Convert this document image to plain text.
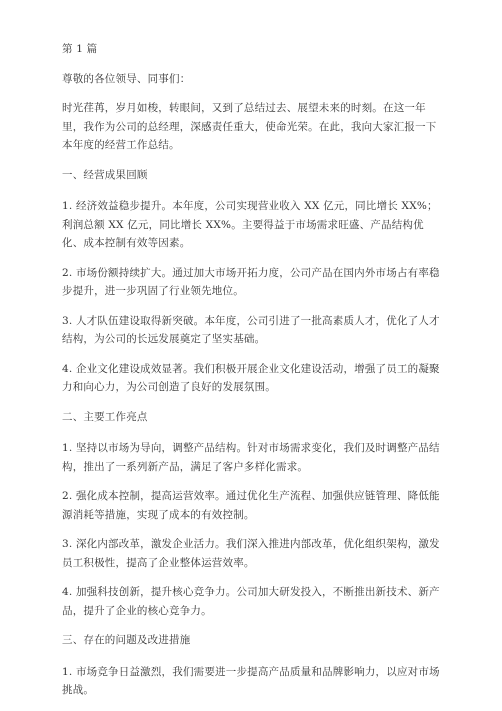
第 1 篇

尊敬的各位领导、同事们：

时光荏苒，岁月如梭，转眼间，又到了总结过去、展望未来的时刻。在这一年里，我作为公司的总经理，深感责任重大，使命光荣。在此，我向大家汇报一下本年度的经营工作总结。

一、经营成果回顾

1. 经济效益稳步提升。本年度，公司实现营业收入 XX 亿元，同比增长 XX%；利润总额 XX 亿元，同比增长 XX%。主要得益于市场需求旺盛、产品结构优化、成本控制有效等因素。

2. 市场份额持续扩大。通过加大市场开拓力度，公司产品在国内外市场占有率稳步提升，进一步巩固了行业领先地位。

3. 人才队伍建设取得新突破。本年度，公司引进了一批高素质人才，优化了人才结构，为公司的长远发展奠定了坚实基础。

4. 企业文化建设成效显著。我们积极开展企业文化建设活动，增强了员工的凝聚力和向心力，为公司创造了良好的发展氛围。

二、主要工作亮点

1. 坚持以市场为导向，调整产品结构。针对市场需求变化，我们及时调整产品结构，推出了一系列新产品，满足了客户多样化需求。

2. 强化成本控制，提高运营效率。通过优化生产流程、加强供应链管理、降低能源消耗等措施，实现了成本的有效控制。

3. 深化内部改革，激发企业活力。我们深入推进内部改革，优化组织架构，激发员工积极性，提高了企业整体运营效率。

4. 加强科技创新，提升核心竞争力。公司加大研发投入，不断推出新技术、新产品，提升了企业的核心竞争力。

三、存在的问题及改进措施

1. 市场竞争日益激烈，我们需要进一步提高产品质量和品牌影响力，以应对市场挑战。
